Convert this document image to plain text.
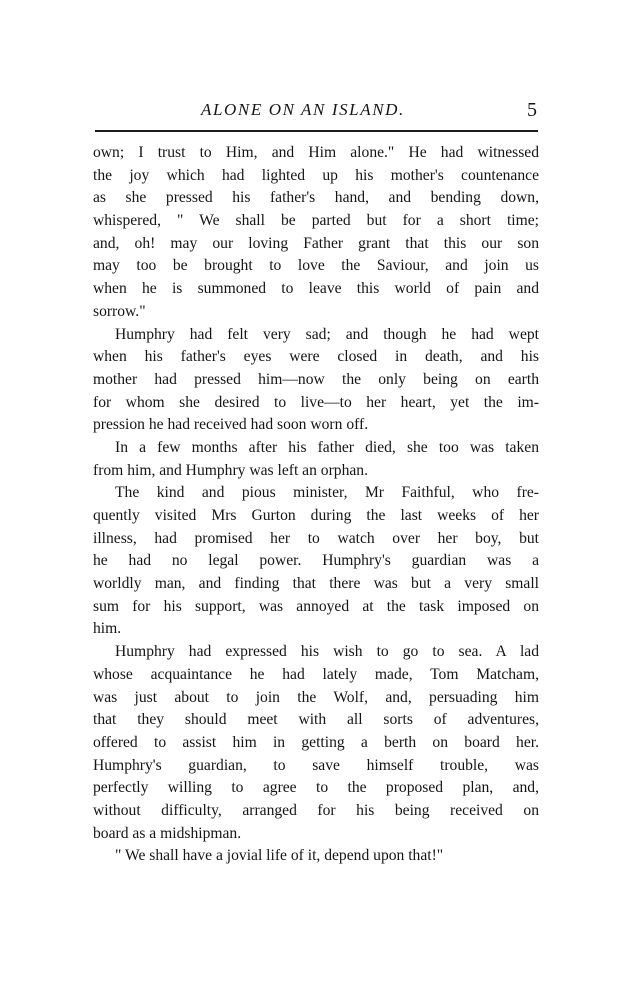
ALONE ON AN ISLAND.	5
own; I trust to Him, and Him alone." He had witnessed
the joy which had lighted up his mother's countenance
as she pressed his father's hand, and bending down,
whispered, " We shall be parted but for a short time;
and, oh! may our loving Father grant that this our son
may too be brought to love the Saviour, and join us
when he is summoned to leave this world of pain and
sorrow."
Humphry had felt very sad; and though he had wept
when his father's eyes were closed in death, and his
mother had pressed him—now the only being on earth
for whom she desired to live—to her heart, yet the im-
pression he had received had soon worn off.
In a few months after his father died, she too was taken
from him, and Humphry was left an orphan.
The kind and pious minister, Mr Faithful, who fre-
quently visited Mrs Gurton during the last weeks of her
illness, had promised her to watch over her boy, but
he had no legal power. Humphry's guardian was a
worldly man, and finding that there was but a very small
sum for his support, was annoyed at the task imposed on
him.
Humphry had expressed his wish to go to sea. A lad
whose acquaintance he had lately made, Tom Matcham,
was just about to join the Wolf, and, persuading him
that they should meet with all sorts of adventures,
offered to assist him in getting a berth on board her.
Humphry's guardian, to save himself trouble, was
perfectly willing to agree to the proposed plan, and,
without difficulty, arranged for his being received on
board as a midshipman.
" We shall have a jovial life of it, depend upon that!"
